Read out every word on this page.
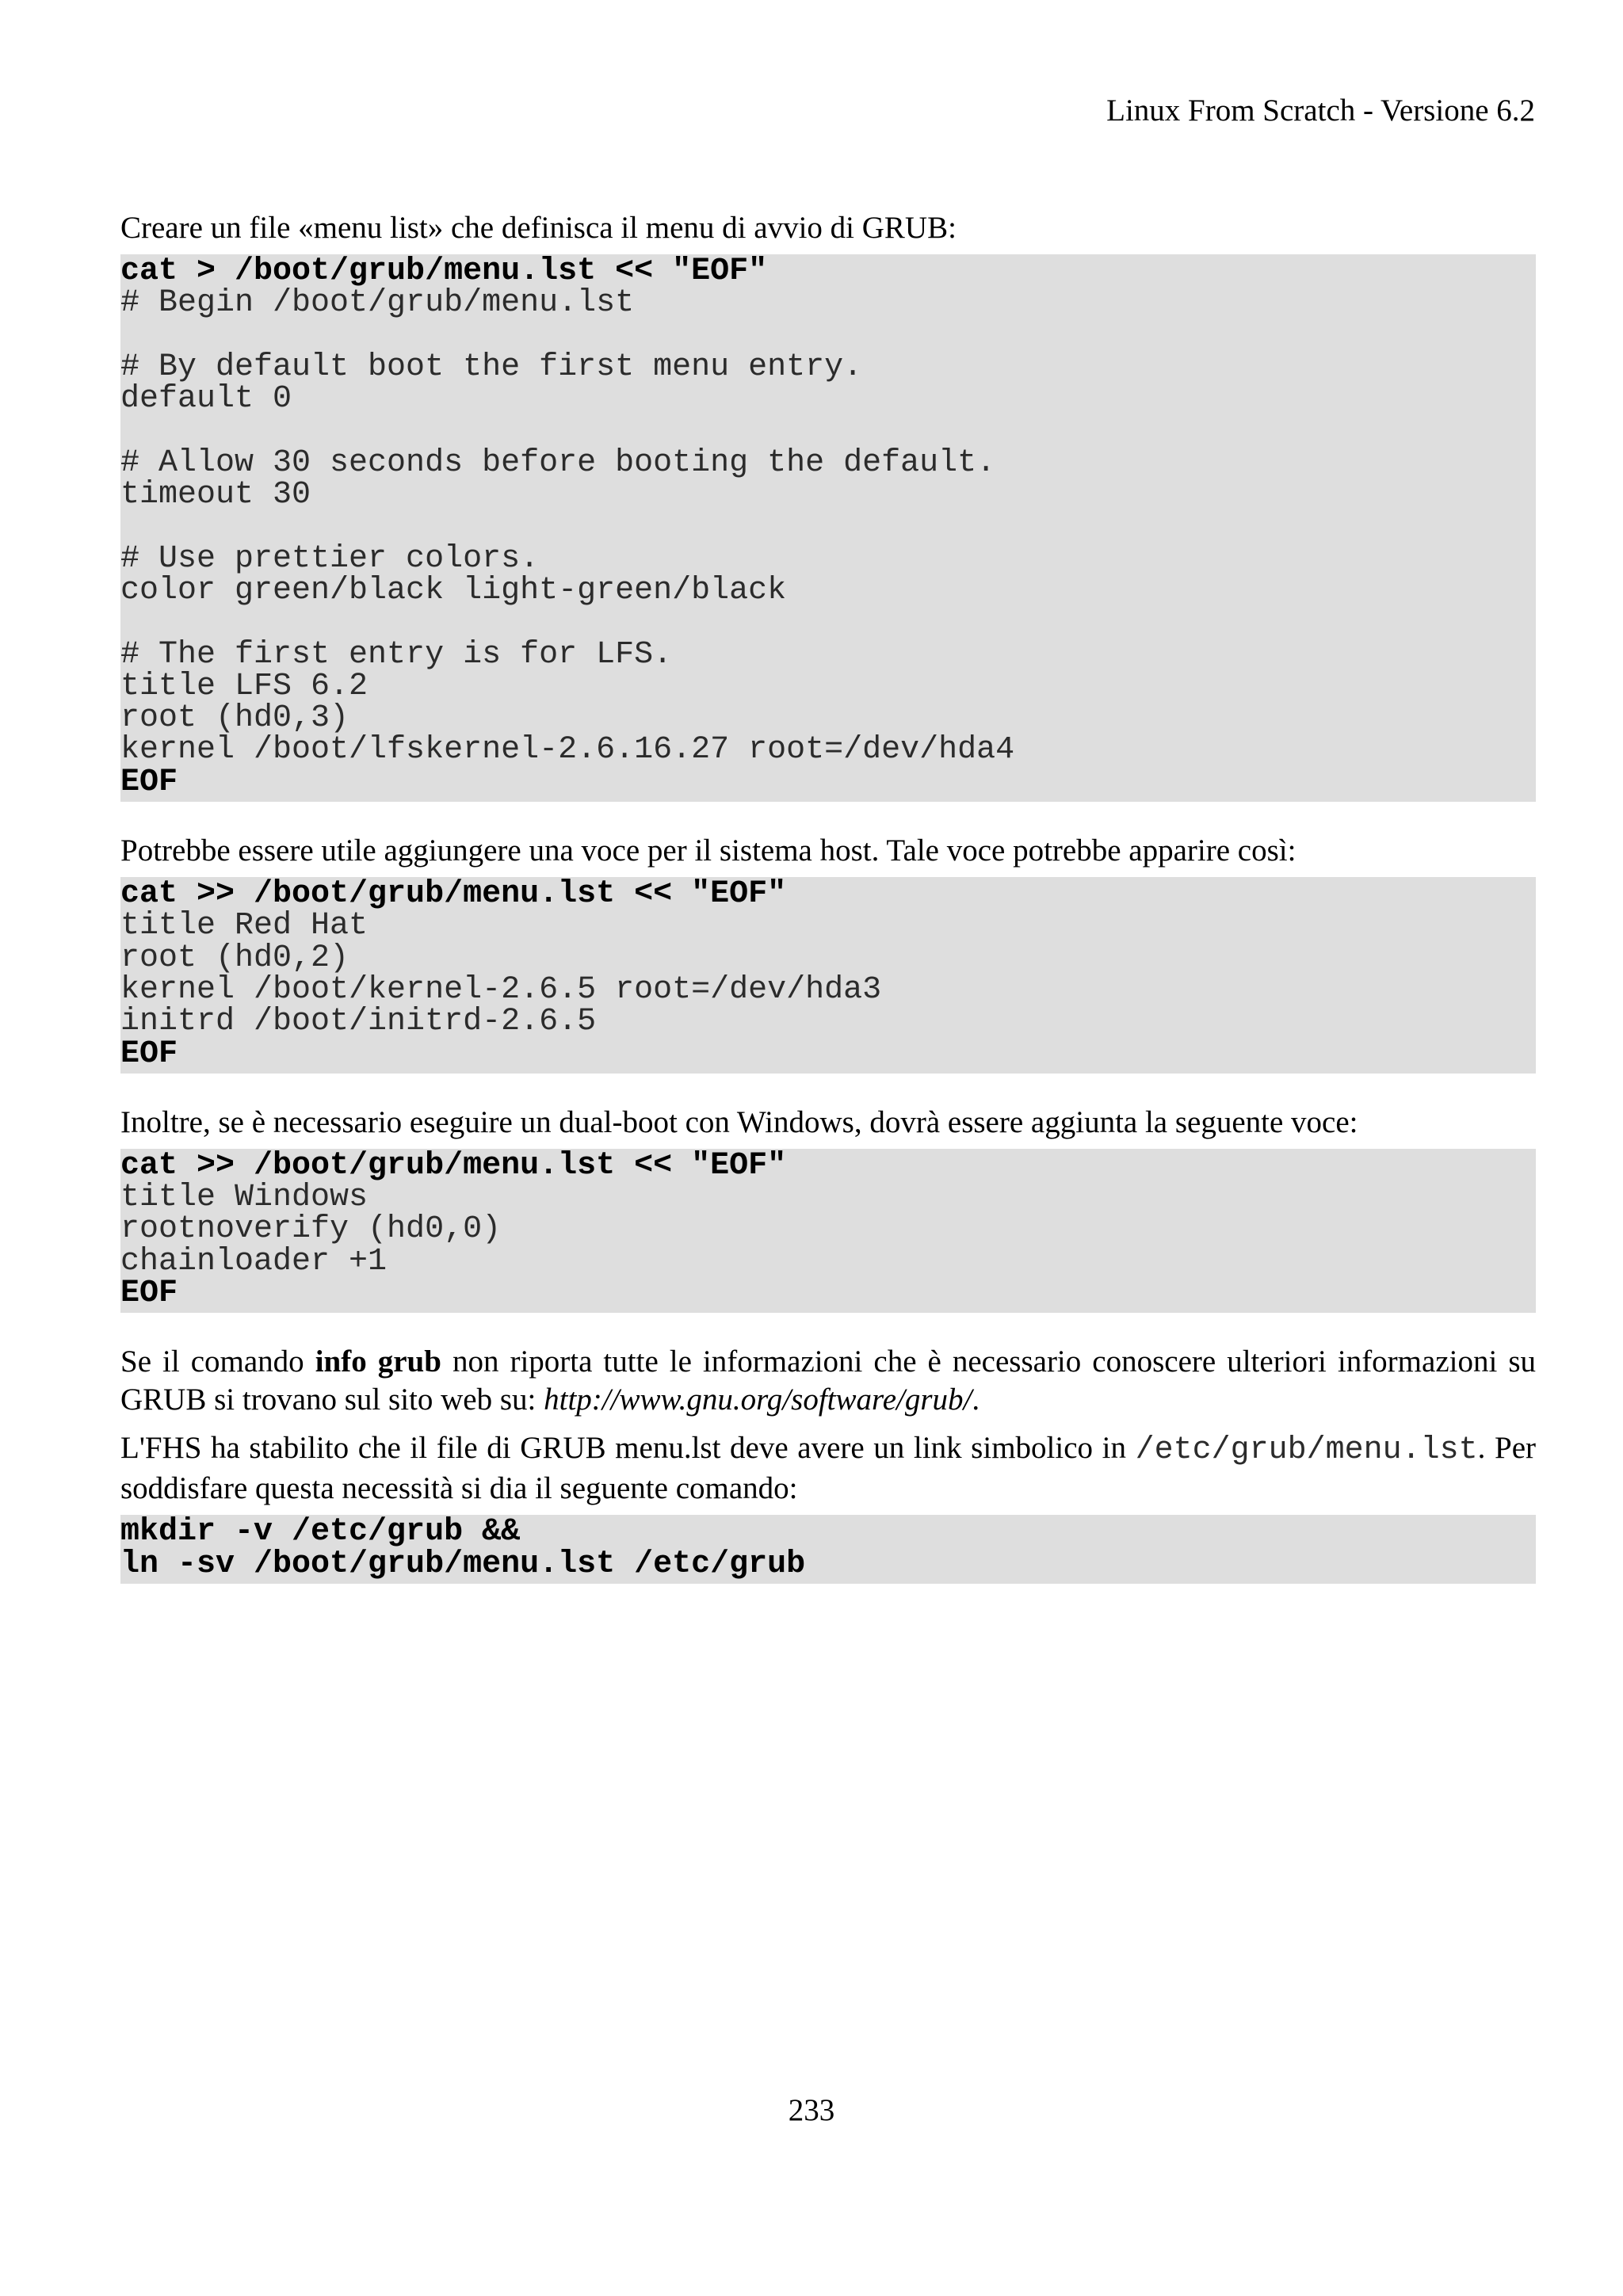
Linux From Scratch - Versione 6.2

Creare un file «menu list» che definisca il menu di avvio di GRUB:

cat > /boot/grub/menu.lst << "EOF"
# Begin /boot/grub/menu.lst
# By default boot the first menu entry.
default 0
# Allow 30 seconds before booting the default.
timeout 30
# Use prettier colors.
color green/black light-green/black
# The first entry is for LFS.
title LFS 6.2
root (hd0,3)
kernel /boot/lfskernel-2.6.16.27 root=/dev/hda4
EOF

Potrebbe essere utile aggiungere una voce per il sistema host. Tale voce potrebbe apparire così:

cat >> /boot/grub/menu.lst << "EOF"
title Red Hat
root (hd0,2)
kernel /boot/kernel-2.6.5 root=/dev/hda3
initrd /boot/initrd-2.6.5
EOF

Inoltre, se è necessario eseguire un dual-boot con Windows, dovrà essere aggiunta la seguente voce:

cat >> /boot/grub/menu.lst << "EOF"
title Windows
rootnoverify (hd0,0)
chainloader +1
EOF

Se il comando info grub non riporta tutte le informazioni che è necessario conoscere ulteriori informazioni su GRUB si trovano sul sito web su: http://www.gnu.org/software/grub/.

L'FHS ha stabilito che il file di GRUB menu.lst deve avere un link simbolico in /etc/grub/menu.lst. Per soddisfare questa necessità si dia il seguente comando:

mkdir -v /etc/grub &&
ln -sv /boot/grub/menu.lst /etc/grub
233
